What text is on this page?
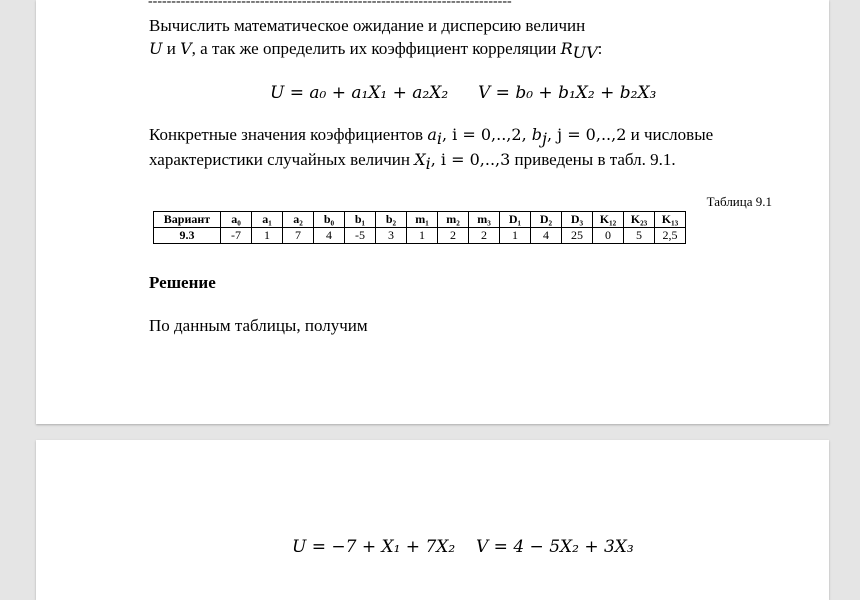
------------------------------------------------------------------------------
Вычислить математическое ожидание и дисперсию величин
U и V, а так же определить их коэффициент корреляции $R_{UV}$:
U = a₀ + a₁X₁ + a₂X₂ V = b₀ + b₁X₂ + b₂X₃
Конкретные значения коэффициентов $a_i$, i = 0,..,2, $b_j$, j = 0,..,2 и числовые
характеристики случайных величин $X_i$, i = 0,..,3 приведены в табл. 9.1.
Таблица 9.1
Вариант	a₀	a₁	a₂	b₀	b₁	b₂	m₁	m₂	m₃	D₁	D₂	D₃	K₁₂	K₂₃	K₁₃
9.3	-7	1	7	4	-5	3	1	2	2	1	4	25	0	5	2,5
Решение
По данным таблицы, получим
U = −7 + X₁ + 7X₂ V = 4 − 5X₂ + 3X₃
